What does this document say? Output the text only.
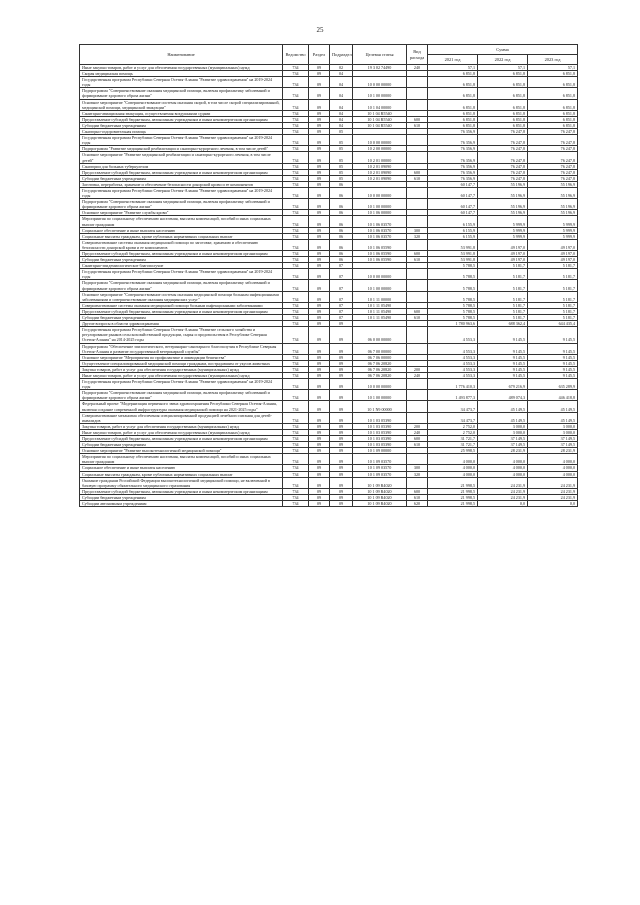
25
Наименование	Ведомство	Раздел	Подраздел	Целевая статья	Вид расхода	Сумма		
						2021 год	2022 год	2023 год
Иные закупки товаров, работ и услуг для обеспечения государственных (муниципальных) нужд	734	09	02	19 3 02 74490	240	57,1	57,1	57,1
Скорая медицинская помощь	734	09	04			6 851,8	6 851,8	6 851,8
Государственная программа Республики Северная Осетия-Алания "Развитие здравоохранения" на 2019-2024 годы	734	09	04	10 0 00 00000		6 851,8	6 851,8	6 851,8
Подпрограмма "Совершенствование оказания медицинской помощи, включая профилактику заболеваний и формирование здорового образа жизни"	734	09	04	10 1 00 00000		6 851,8	6 851,8	6 851,8
Основное мероприятие "Совершенствование системы оказания скорой, в том числе скорой специализированной, медицинской помощи, медицинской эвакуации"	734	09	04	10 1 04 00000		6 851,8	6 851,8	6 851,8
Санитарно-авиационная эвакуация, осуществляемая воздушными судами	734	09	04	10 1 04 R5540		6 851,8	6 851,8	6 851,8
Предоставление субсидий бюджетным, автономным учреждениям и иным некоммерческим организациям	734	09	04	10 1 04 R5540	600	6 851,8	6 851,8	6 851,8
Субсидии бюджетным учреждениям	734	09	04	10 1 04 R5540	610	6 851,8	6 851,8	6 851,8
Санаторно-оздоровительная помощь	734	09	05			76 356,9	76 247,8	76 247,8
Государственная программа Республики Северная Осетия-Алания "Развитие здравоохранения" на 2019-2024 годы	734	09	05	10 0 00 00000		76 356,9	76 247,8	76 247,8
Подпрограмма "Развитие медицинской реабилитации и санаторно-курортного лечения, в том числе детей"	734	09	05	10 2 00 00000		76 356,9	76 247,8	76 247,8
Основное мероприятие "Развитие медицинской реабилитации и санаторно-курортного лечения, в том числе детей"	734	09	05	10 2 01 00000		76 356,9	76 247,8	76 247,8
Санатории для больных туберкулезом	734	09	05	10 2 01 09090		76 356,9	76 247,8	76 247,8
Предоставление субсидий бюджетным, автономным учреждениям и иным некоммерческим организациям	734	09	05	10 2 01 09090	600	76 356,9	76 247,8	76 247,8
Субсидии бюджетным учреждениям	734	09	05	10 2 01 09090	610	76 356,9	76 247,8	76 247,8
Заготовка, переработка, хранение и обеспечение безопасности донорской крови и ее компонентов	734	09	06			60 147,7	55 196,9	55 196,9
Государственная программа Республики Северная Осетия-Алания "Развитие здравоохранения" на 2019-2024 годы	734	09	06	10 0 00 00000		60 147,7	55 196,9	55 196,9
Подпрограмма "Совершенствование оказания медицинской помощи, включая профилактику заболеваний и формирование здорового образа жизни"	734	09	06	10 1 00 00000		60 147,7	55 196,9	55 196,9
Основное мероприятие "Развитие службы крови"	734	09	06	10 1 06 00000		60 147,7	55 196,9	55 196,9
Мероприятия по социальному обеспечению населения, выплаты компенсаций, пособий и иных социальных выплат гражданам	734	09	06	10 1 06 03570		6 155,9	5 999,9	5 999,9
Социальное обеспечение и иные выплаты населению	734	09	06	10 1 06 03570	300	6 155,9	5 999,9	5 999,9
Социальные выплаты гражданам, кроме публичных нормативных социальных выплат	734	09	06	10 1 06 03570	320	6 155,9	5 999,9	5 999,9
Совершенствование системы оказания медицинской помощи по заготовке, хранению и обеспечению безопасности донорской крови и ее компонентов	734	09	06	10 1 06 05590		53 991,8	49 197,0	49 197,0
Предоставление субсидий бюджетным, автономным учреждениям и иным некоммерческим организациям	734	09	06	10 1 06 05590	600	53 991,8	49 197,0	49 197,0
Субсидии бюджетным учреждениям	734	09	06	10 1 06 05590	610	53 991,8	49 197,0	49 197,0
Санитарно-эпидемиологическое благополучие	734	09	07			5 788,5	5 181,7	5 181,7
Государственная программа Республики Северная Осетия-Алания "Развитие здравоохранения" на 2019-2024 годы	734	09	07	10 0 00 00000		5 788,5	5 181,7	5 181,7
Подпрограмма "Совершенствование оказания медицинской помощи, включая профилактику заболеваний и формирование здорового образа жизни"	734	09	07	10 1 00 00000		5 788,5	5 181,7	5 181,7
Основное мероприятие "Совершенствование системы оказания медицинской помощи больным инфекционными заболеваниями и совершенствование оказания медицинских услуг"	734	09	07	10 1 11 00000		5 788,5	5 181,7	5 181,7
Совершенствование системы оказания медицинской помощи больным инфекционными заболеваниями	734	09	07	10 1 11 05490		5 788,5	5 181,7	5 181,7
Предоставление субсидий бюджетным, автономным учреждениям и иным некоммерческим организациям	734	09	07	10 1 11 05490	600	5 788,5	5 181,7	5 181,7
Субсидии бюджетным учреждениям	734	09	07	10 1 11 05490	610	5 788,5	5 181,7	5 181,7
Другие вопросы в области здравоохранения	734	09	09			1 780 963,6	688 362,4	644 435,4
Государственная программа Республики Северная Осетия-Алания "Развитие сельского хозяйства и регулирование рынков сельскохозяйственной продукции, сырья и продовольствия в Республике Северная Осетия-Алания" на 2014-2025 годы	734	09	09	06 0 00 00000		4 553,3	9 145,5	9 145,5
Подпрограмма "Обеспечение эпизоотического, ветеринарно-санитарного благополучия в Республике Северная Осетия-Алания и развитие государственной ветеринарной службы"	734	09	09	06 7 00 00000		4 553,3	9 145,5	9 145,5
Основное мероприятие "Мероприятия по профилактике и ликвидации бешенства"	734	09	09	06 7 06 00000		4 553,3	9 145,5	9 145,5
Осуществление специализированной медицинской помощи гражданам, пострадавшим от укусов животных	734	09	09	06 7 06 20820		4 553,3	9 145,5	9 145,5
Закупка товаров, работ и услуг для обеспечения государственных (муниципальных) нужд	734	09	09	06 7 06 20820	200	4 553,3	9 145,5	9 145,5
Иные закупки товаров, работ и услуг для обеспечения государственных (муниципальных) нужд	734	09	09	06 7 06 20820	240	4 553,3	9 145,5	9 145,5
Государственная программа Республики Северная Осетия-Алания "Развитие здравоохранения" на 2019-2024 годы	734	09	09	10 0 00 00000		1 776 410,3	679 216,9	635 289,9
Подпрограмма "Совершенствование оказания медицинской помощи, включая профилактику заболеваний и формирование здорового образа жизни"	734	09	09	10 1 00 00000		1 493 877,3	489 074,3	446 418,8
Федеральный проект "Модернизация первичного звена здравоохранения Республики Северная Осетия-Алания, включая создание современной инфраструктуры оказания медицинской помощи на 2021-2025 годы"	734	09	09	10 1 N9 00000		34 473,7	45 149,5	45 149,5
Совершенствование механизма обеспечения специализированной продукцией лечебного питания для детей-инвалидов	734	09	09	10 1 03 05390		34 473,7	45 149,5	45 149,5
Закупка товаров, работ и услуг для обеспечения государственных (муниципальных) нужд	734	09	09	10 1 03 05390	200	2 752,0	3 000,0	3 000,0
Иные закупки товаров, работ и услуг для обеспечения государственных (муниципальных) нужд	734	09	09	10 1 03 05390	240	2 752,0	3 000,0	3 000,0
Предоставление субсидий бюджетным, автономным учреждениям и иным некоммерческим организациям	734	09	09	10 1 03 05390	600	31 721,7	37 149,5	37 149,5
Субсидии бюджетным учреждениям	734	09	09	10 1 03 05390	610	31 721,7	37 149,5	37 149,5
Основное мероприятие "Развитие высокотехнологичной медицинской помощи"	734	09	09	10 1 09 00000		25 998,5	28 231,9	28 231,9
Мероприятия по социальному обеспечению населения, выплаты компенсаций, пособий и иных социальных выплат гражданам	734	09	09	10 1 09 03570		4 000,0	4 000,0	4 000,0
Социальное обеспечение и иные выплаты населению	734	09	09	10 1 09 03570	300	4 000,0	4 000,0	4 000,0
Социальные выплаты гражданам, кроме публичных нормативных социальных выплат	734	09	09	10 1 09 03570	320	4 000,0	4 000,0	4 000,0
Оказание гражданам Российской Федерации высокотехнологичной медицинской помощи, не включенной в базовую программу обязательного медицинского страхования	734	09	09	10 1 09 R4020		21 998,5	24 231,9	24 231,9
Предоставление субсидий бюджетным, автономным учреждениям и иным некоммерческим организациям	734	09	09	10 1 09 R4020	600	21 998,5	24 231,9	24 231,9
Субсидии бюджетным учреждениям	734	09	09	10 1 09 R4020	610	21 998,5	24 231,9	24 231,9
Субсидии автономным учреждениям	734	09	09	10 1 09 R4020	620	21 998,5	0,0	0,0
